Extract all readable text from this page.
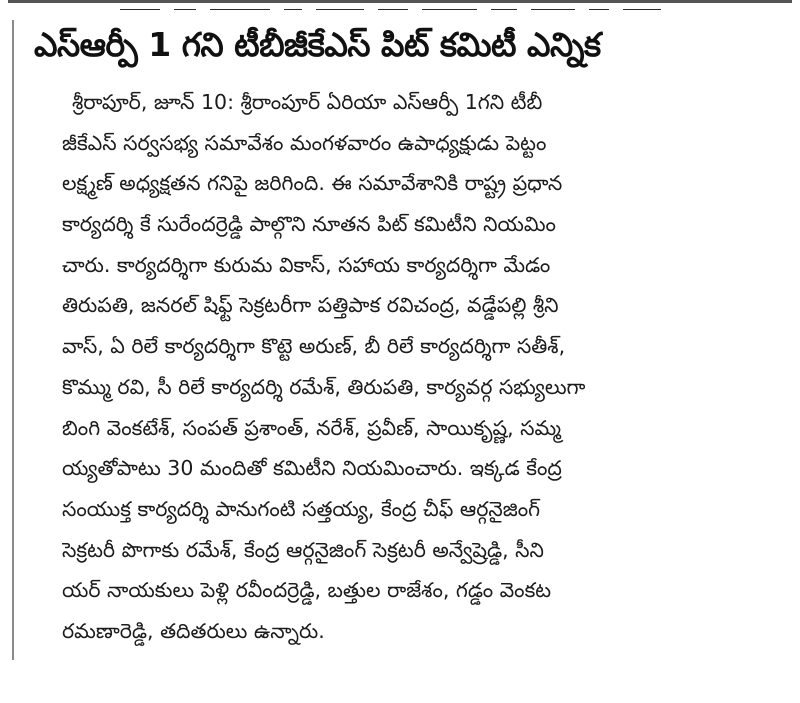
ఎస్ఆర్పీ 1 గని టీబీజీకేఎస్ పిట్ కమిటీ ఎన్నిక
శ్రీరాపూర్, జూన్ 10: శ్రీరాంపూర్ ఏరియా ఎస్ఆర్పీ 1గని టీబీ
జీకేఎస్ సర్వసభ్య సమావేశం మంగళవారం ఉపాధ్యక్షుడు పెట్టం
లక్ష్మణ్ అధ్యక్షతన గనిపై జరిగింది. ఈ సమావేశానికి రాష్ట్ర ప్రధాన
కార్యదర్శి కే సురేందర్రెడ్డి పాల్గొని నూతన పిట్ కమిటీని నియమిం
చారు. కార్యదర్శిగా కురుమ వికాస్, సహాయ కార్యదర్శిగా మేడం
తిరుపతి, జనరల్ షిఫ్ట్ సెక్రటరీగా పత్తిపాక రవిచంద్ర, వడ్డేపల్లి శ్రీని
వాస్, ఏ రిలే కార్యదర్శిగా కొట్టె అరుణ్, బీ రిలే కార్యదర్శిగా సతీశ్,
కొమ్ము రవి, సీ రిలే కార్యదర్శి రమేశ్, తిరుపతి, కార్యవర్గ సభ్యులుగా
బింగి వెంకటేశ్, సంపత్ ప్రశాంత్, నరేశ్, ప్రవీణ్, సాయికృష్ణ, సమ్మ
య్యతోపాటు 30 మందితో కమిటీని నియమించారు. ఇక్కడ కేంద్ర
సంయుక్త కార్యదర్శి పానుగంటి సత్తయ్య, కేంద్ర చీఫ్ ఆర్గనైజింగ్
సెక్రటరీ పొగాకు రమేశ్, కేంద్ర ఆర్గనైజింగ్ సెక్రటరీ అన్వేష్రెడ్డి, సీని
యర్ నాయకులు పెళ్లి రవీందర్రెడ్డి, బత్తుల రాజేశం, గడ్డం వెంకట
రమణారెడ్డి, తదితరులు ఉన్నారు.
